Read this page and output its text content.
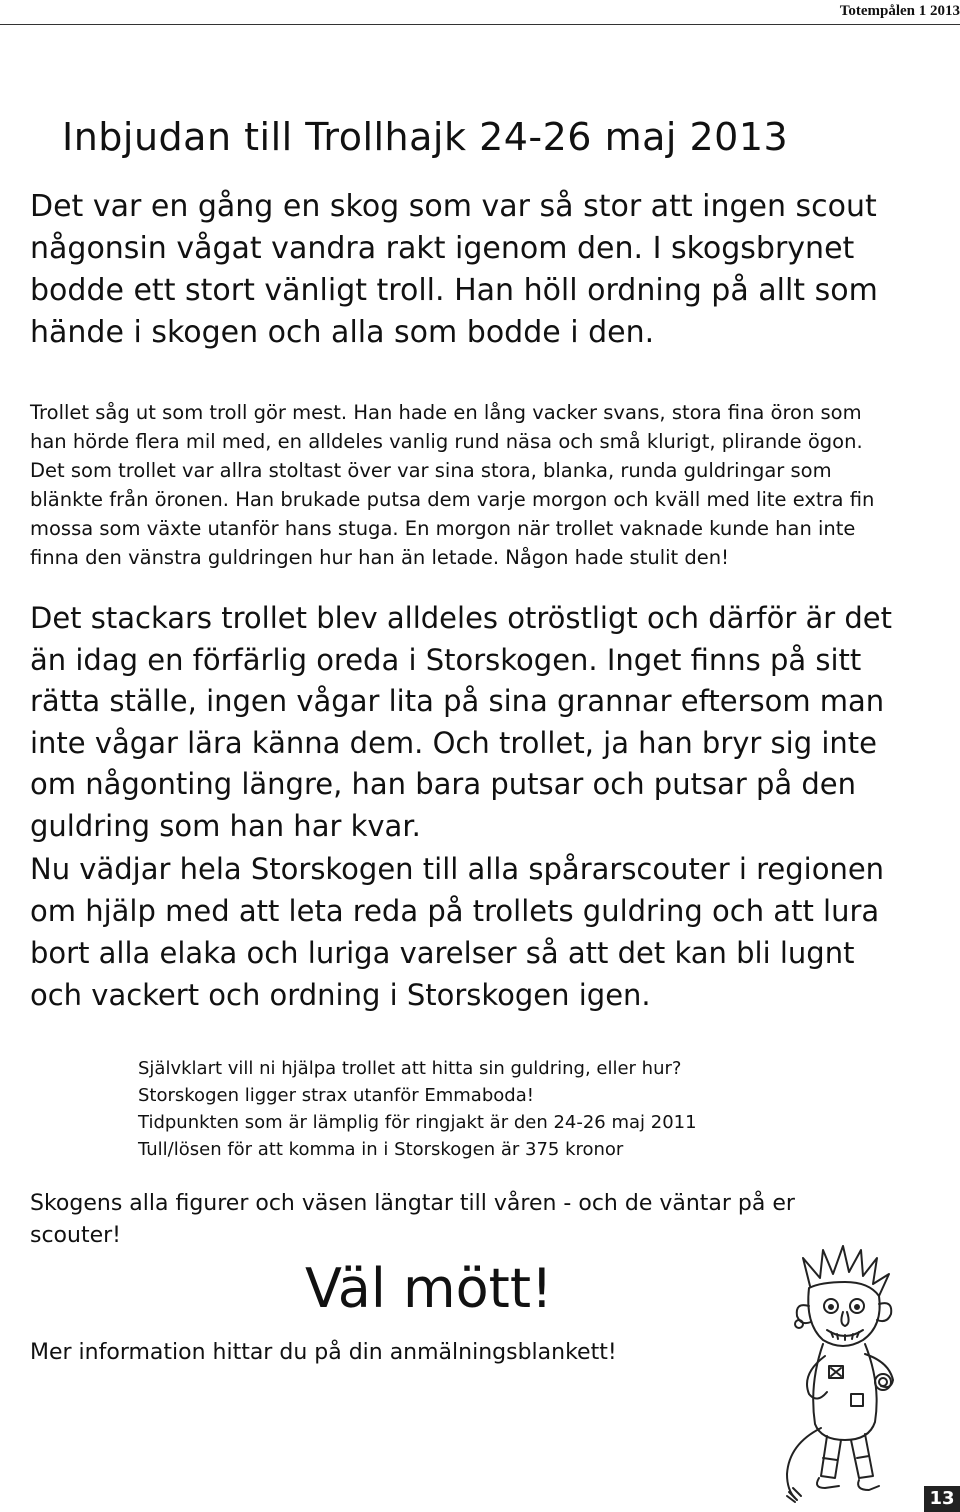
Totempålen 1 2013
Inbjudan till Trollhajk 24-26 maj 2013
Det var en gång en skog som var så stor att ingen scout
någonsin vågat vandra rakt igenom den. I skogsbrynet
bodde ett stort vänligt troll. Han höll ordning på allt som
hände i skogen och alla som bodde i den.
Trollet såg ut som troll gör mest. Han hade en lång vacker svans, stora fina öron som
han hörde flera mil med, en alldeles vanlig rund näsa och små klurigt, plirande ögon.
Det som trollet var allra stoltast över var sina stora, blanka, runda guldringar som
blänkte från öronen. Han brukade putsa dem varje morgon och kväll med lite extra fin
mossa som växte utanför hans stuga. En morgon när trollet vaknade kunde han inte
finna den vänstra guldringen hur han än letade. Någon hade stulit den!
Det stackars trollet blev alldeles otröstligt och därför är det
än idag en förfärlig oreda i Storskogen. Inget finns på sitt
rätta ställe, ingen vågar lita på sina grannar eftersom man
inte vågar lära känna dem. Och trollet, ja han bryr sig inte
om någonting längre, han bara putsar och putsar på den
guldring som han har kvar.
Nu vädjar hela Storskogen till alla spårarscouter i regionen
om hjälp med att leta reda på trollets guldring och att lura
bort alla elaka och luriga varelser så att det kan bli lugnt
och vackert och ordning i Storskogen igen.
Självklart vill ni hjälpa trollet att hitta sin guldring, eller hur?
Storskogen ligger strax utanför Emmaboda!
Tidpunkten som är lämplig för ringjakt är den 24-26 maj 2011
Tull/lösen för att komma in i Storskogen är 375 kronor
Skogens alla figurer och väsen längtar till våren - och de väntar på er
scouter!
Väl mött!
Mer information hittar du på din anmälningsblankett!
13
